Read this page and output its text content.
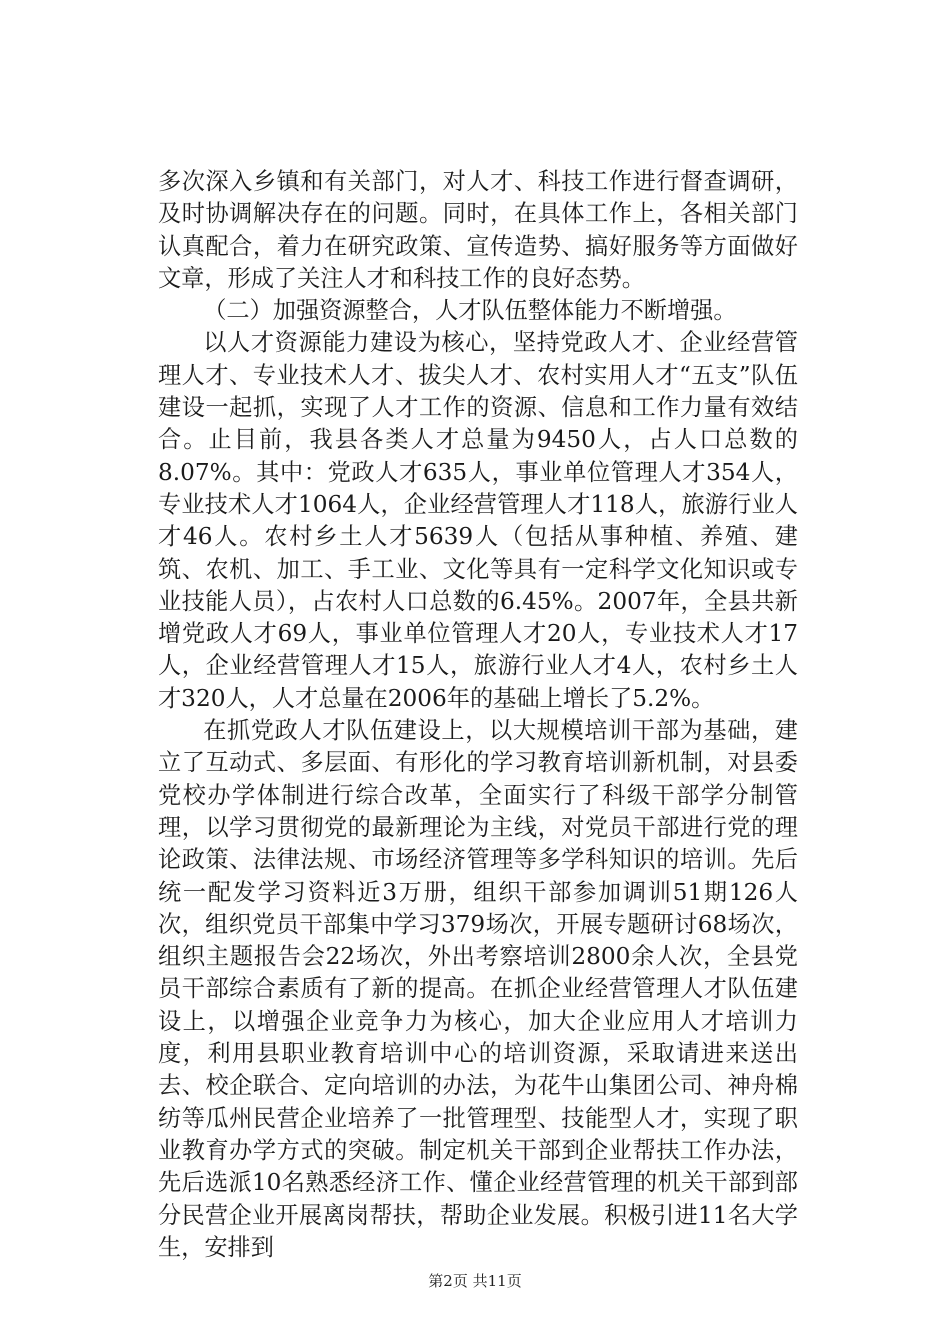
多次深入乡镇和有关部门，对人才、科技工作进行督查调研，及时协调解决存在的问题。同时，在具体工作上，各相关部门认真配合，着力在研究政策、宣传造势、搞好服务等方面做好文章，形成了关注人才和科技工作的良好态势。

（二）加强资源整合，人才队伍整体能力不断增强。

以人才资源能力建设为核心，坚持党政人才、企业经营管理人才、专业技术人才、拔尖人才、农村实用人才“五支”队伍建设一起抓，实现了人才工作的资源、信息和工作力量有效结合。止目前，我县各类人才总量为9450人，占人口总数的8.07%。其中：党政人才635人，事业单位管理人才354人，专业技术人才1064人，企业经营管理人才118人，旅游行业人才46人。农村乡土人才5639人（包括从事种植、养殖、建筑、农机、加工、手工业、文化等具有一定科学文化知识或专业技能人员），占农村人口总数的6.45%。2007年，全县共新增党政人才69人，事业单位管理人才20人，专业技术人才17人，企业经营管理人才15人，旅游行业人才4人，农村乡土人才320人，人才总量在2006年的基础上增长了5.2%。

在抓党政人才队伍建设上，以大规模培训干部为基础，建立了互动式、多层面、有形化的学习教育培训新机制，对县委党校办学体制进行综合改革，全面实行了科级干部学分制管理，以学习贯彻党的最新理论为主线，对党员干部进行党的理论政策、法律法规、市场经济管理等多学科知识的培训。先后统一配发学习资料近3万册，组织干部参加调训51期126人次，组织党员干部集中学习379场次，开展专题研讨68场次，组织主题报告会22场次，外出考察培训2800余人次，全县党员干部综合素质有了新的提高。在抓企业经营管理人才队伍建设上，以增强企业竞争力为核心，加大企业应用人才培训力度，利用县职业教育培训中心的培训资源，采取请进来送出去、校企联合、定向培训的办法，为花牛山集团公司、神舟棉纺等瓜州民营企业培养了一批管理型、技能型人才，实现了职业教育办学方式的突破。制定机关干部到企业帮扶工作办法，先后选派10名熟悉经济工作、懂企业经营管理的机关干部到部分民营企业开展离岗帮扶，帮助企业发展。积极引进11名大学生，安排到

第2页 共11页
